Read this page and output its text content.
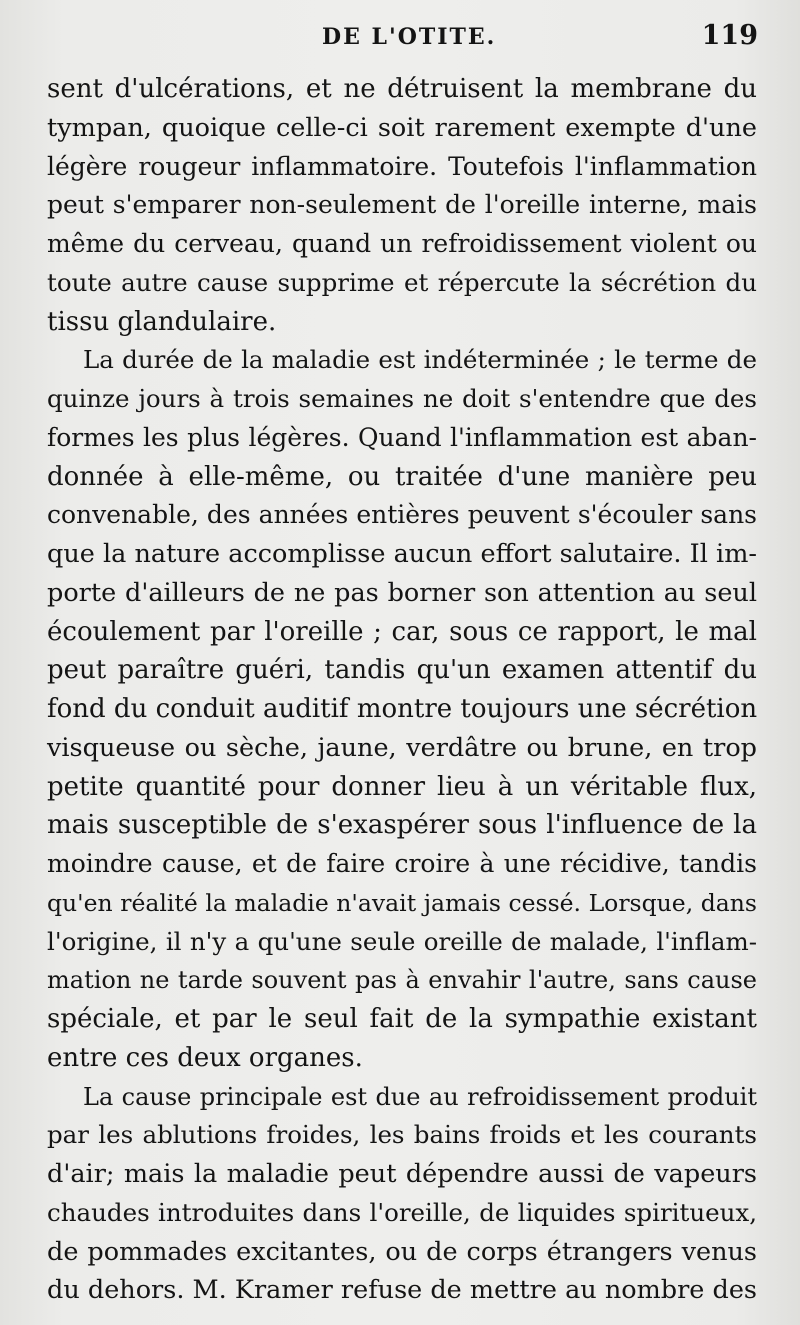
DE L'OTITE.	119
sent d'ulcérations, et ne détruisent la membrane du
tympan, quoique celle-ci soit rarement exempte d'une
légère rougeur inflammatoire. Toutefois l'inflammation
peut s'emparer non-seulement de l'oreille interne, mais
même du cerveau, quand un refroidissement violent ou
toute autre cause supprime et répercute la sécrétion du
tissu glandulaire.
La durée de la maladie est indéterminée ; le terme de
quinze jours à trois semaines ne doit s'entendre que des
formes les plus légères. Quand l'inflammation est aban-
donnée à elle-même, ou traitée d'une manière peu
convenable, des années entières peuvent s'écouler sans
que la nature accomplisse aucun effort salutaire. Il im-
porte d'ailleurs de ne pas borner son attention au seul
écoulement par l'oreille ; car, sous ce rapport, le mal
peut paraître guéri, tandis qu'un examen attentif du
fond du conduit auditif montre toujours une sécrétion
visqueuse ou sèche, jaune, verdâtre ou brune, en trop
petite quantité pour donner lieu à un véritable flux,
mais susceptible de s'exaspérer sous l'influence de la
moindre cause, et de faire croire à une récidive, tandis
qu'en réalité la maladie n'avait jamais cessé. Lorsque, dans
l'origine, il n'y a qu'une seule oreille de malade, l'inflam-
mation ne tarde souvent pas à envahir l'autre, sans cause
spéciale, et par le seul fait de la sympathie existant
entre ces deux organes.
La cause principale est due au refroidissement produit
par les ablutions froides, les bains froids et les courants
d'air; mais la maladie peut dépendre aussi de vapeurs
chaudes introduites dans l'oreille, de liquides spiritueux,
de pommades excitantes, ou de corps étrangers venus
du dehors. M. Kramer refuse de mettre au nombre des
